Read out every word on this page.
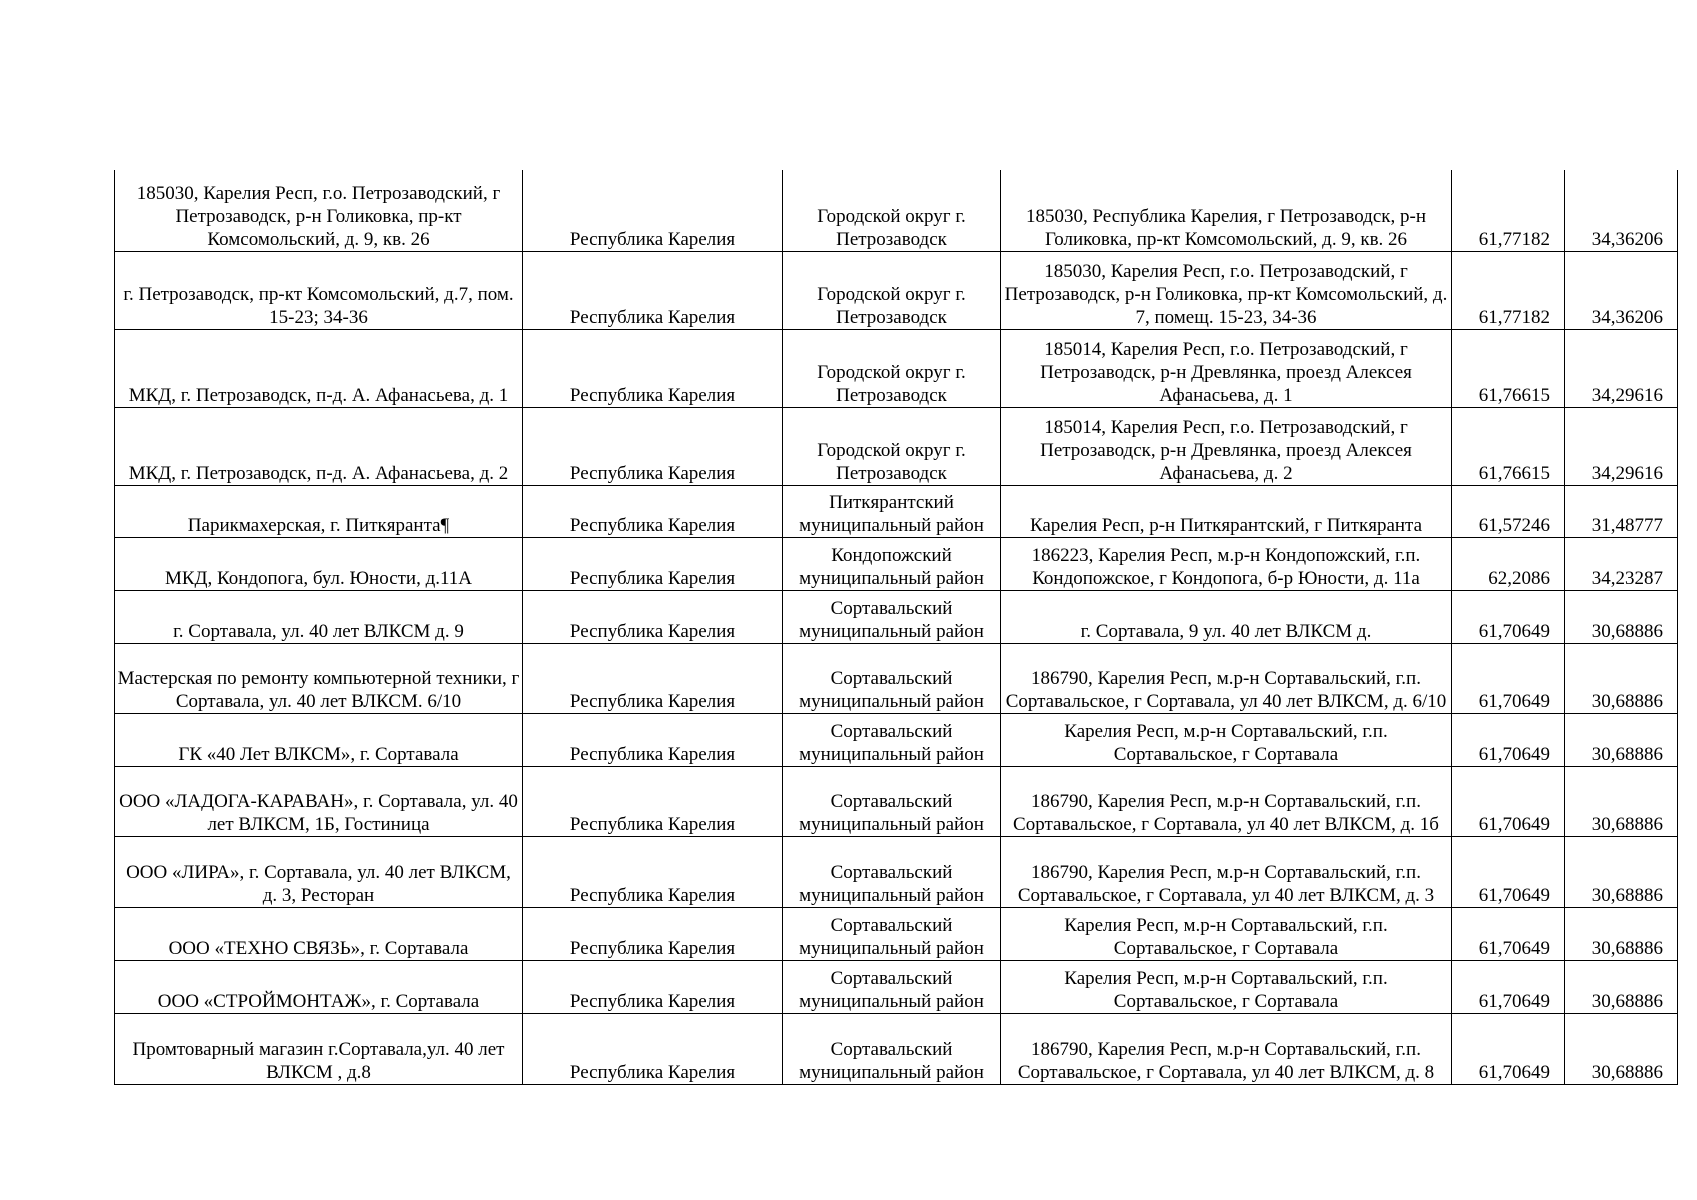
185030, Карелия Респ, г.о. Петрозаводский, г Петрозаводск, р-н Голиковка, пр-кт Комсомольский, д. 9, кв. 26	Республика Карелия	Городской округ г. Петрозаводск	185030, Республика Карелия, г Петрозаводск, р-н Голиковка, пр-кт Комсомольский, д. 9, кв. 26	61,77182	34,36206
г. Петрозаводск, пр-кт Комсомольский, д.7, пом. 15-23; 34-36	Республика Карелия	Городской округ г. Петрозаводск	185030, Карелия Респ, г.о. Петрозаводский, г Петрозаводск, р-н Голиковка, пр-кт Комсомольский, д. 7, помещ. 15-23, 34-36	61,77182	34,36206
МКД, г. Петрозаводск, п-д. А. Афанасьева, д. 1	Республика Карелия	Городской округ г. Петрозаводск	185014, Карелия Респ, г.о. Петрозаводский, г Петрозаводск, р-н Древлянка, проезд Алексея Афанасьева, д. 1	61,76615	34,29616
МКД, г. Петрозаводск, п-д. А. Афанасьева, д. 2	Республика Карелия	Городской округ г. Петрозаводск	185014, Карелия Респ, г.о. Петрозаводский, г Петрозаводск, р-н Древлянка, проезд Алексея Афанасьева, д. 2	61,76615	34,29616
Парикмахерская, г. Питкяранта¶	Республика Карелия	Питкярантский муниципальный район	Карелия Респ, р-н Питкярантский, г Питкяранта	61,57246	31,48777
МКД, Кондопога, бул. Юности, д.11А	Республика Карелия	Кондопожский муниципальный район	186223, Карелия Респ, м.р-н Кондопожский, г.п. Кондопожское, г Кондопога, б-р Юности, д. 11а	62,2086	34,23287
г. Сортавала, ул. 40 лет ВЛКСМ д. 9	Республика Карелия	Сортавальский муниципальный район	г. Сортавала, 9 ул. 40 лет ВЛКСМ д.	61,70649	30,68886
Мастерская по ремонту компьютерной техники, г Сортавала, ул. 40 лет ВЛКСМ. 6/10	Республика Карелия	Сортавальский муниципальный район	186790, Карелия Респ, м.р-н Сортавальский, г.п. Сортавальское, г Сортавала, ул 40 лет ВЛКСМ, д. 6/10	61,70649	30,68886
ГК «40 Лет ВЛКСМ», г. Сортавала	Республика Карелия	Сортавальский муниципальный район	Карелия Респ, м.р-н Сортавальский, г.п. Сортавальское, г Сортавала	61,70649	30,68886
ООО «ЛАДОГА-КАРАВАН», г. Сортавала, ул. 40 лет ВЛКСМ, 1Б, Гостиница	Республика Карелия	Сортавальский муниципальный район	186790, Карелия Респ, м.р-н Сортавальский, г.п. Сортавальское, г Сортавала, ул 40 лет ВЛКСМ, д. 1б	61,70649	30,68886
ООО «ЛИРА», г. Сортавала, ул. 40 лет ВЛКСМ, д. 3, Ресторан	Республика Карелия	Сортавальский муниципальный район	186790, Карелия Респ, м.р-н Сортавальский, г.п. Сортавальское, г Сортавала, ул 40 лет ВЛКСМ, д. 3	61,70649	30,68886
ООО «ТЕХНО СВЯЗЬ», г. Сортавала	Республика Карелия	Сортавальский муниципальный район	Карелия Респ, м.р-н Сортавальский, г.п. Сортавальское, г Сортавала	61,70649	30,68886
ООО «СТРОЙМОНТАЖ», г. Сортавала	Республика Карелия	Сортавальский муниципальный район	Карелия Респ, м.р-н Сортавальский, г.п. Сортавальское, г Сортавала	61,70649	30,68886
Промтоварный магазин г.Сортавала,ул. 40 лет ВЛКСМ , д.8	Республика Карелия	Сортавальский муниципальный район	186790, Карелия Респ, м.р-н Сортавальский, г.п. Сортавальское, г Сортавала, ул 40 лет ВЛКСМ, д. 8	61,70649	30,68886
